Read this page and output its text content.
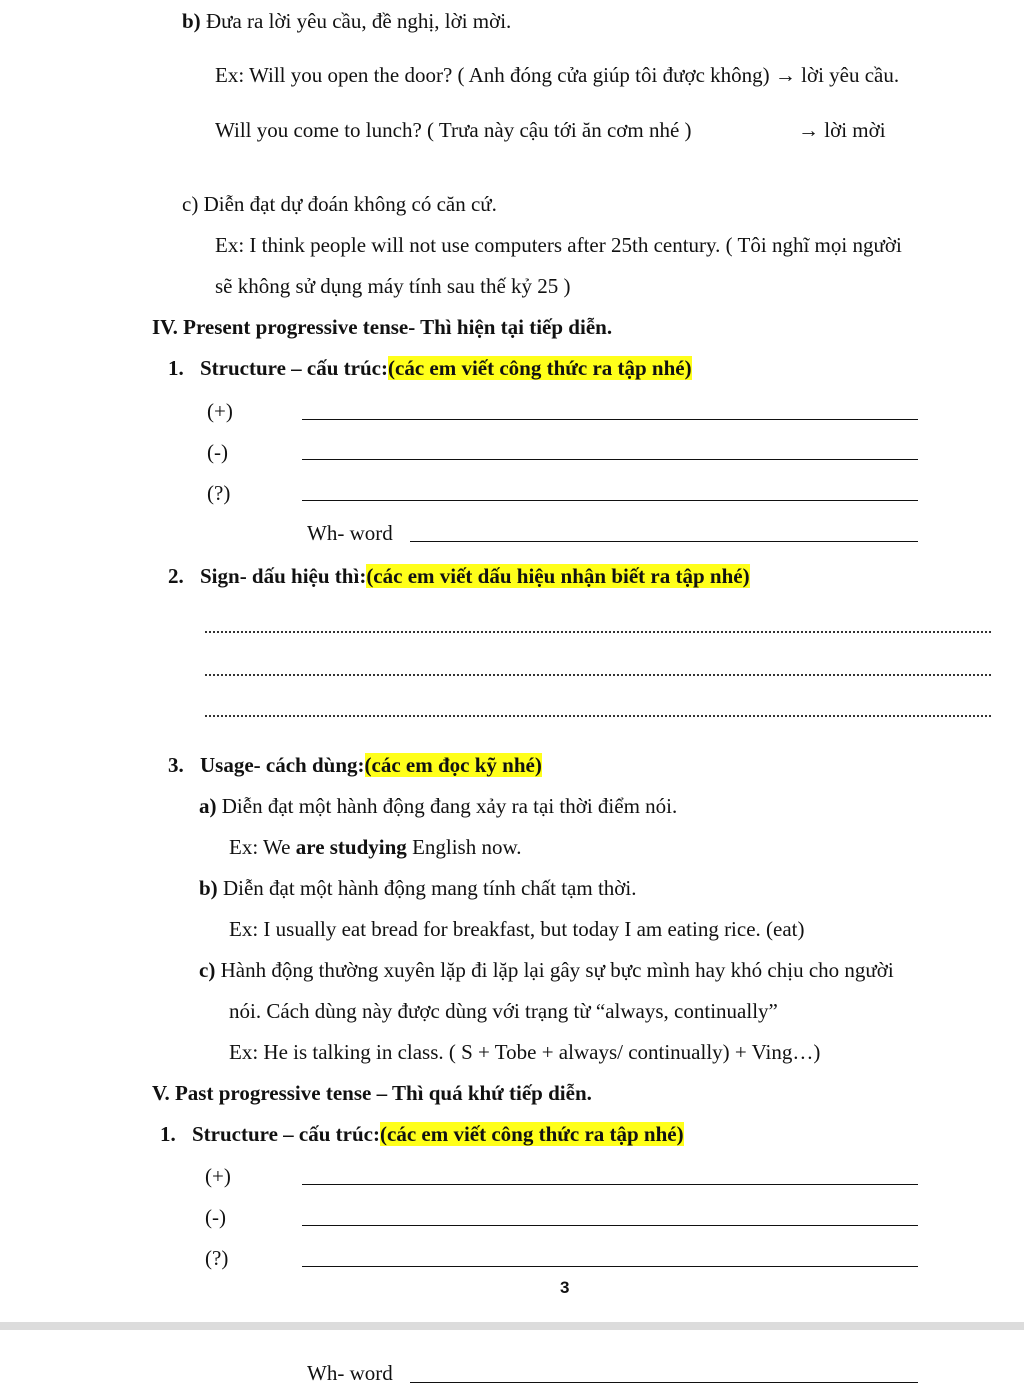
b) Đưa ra lời yêu cầu, đề nghị, lời mời.
Ex: Will you open the door? ( Anh đóng cửa giúp tôi được không) → lời yêu cầu.
Will you come to lunch? ( Trưa này cậu tới ăn cơm nhé )	→ lời mời
c) Diễn đạt dự đoán không có căn cứ.
Ex: I think people will not use computers after 25th century. ( Tôi nghĩ mọi người
sẽ không sử dụng máy tính sau thế kỷ 25 )
IV. Present progressive tense- Thì hiện tại tiếp diễn.
1. Structure – cấu trúc:(các em viết công thức ra tập nhé)
(+)
(-)
(?)
Wh- word
2. Sign- dấu hiệu thì:(các em viết dấu hiệu nhận biết ra tập nhé)
3. Usage- cách dùng:(các em đọc kỹ nhé)
a) Diễn đạt một hành động đang xảy ra tại thời điểm nói.
Ex: We are studying English now.
b) Diễn đạt một hành động mang tính chất tạm thời.
Ex: I usually eat bread for breakfast, but today I am eating rice. (eat)
c) Hành động thường xuyên lặp đi lặp lại gây sự bực mình hay khó chịu cho người
nói. Cách dùng này được dùng với trạng từ “always, continually”
Ex: He is talking in class. ( S + Tobe + always/ continually) + Ving…)
V. Past progressive tense – Thì quá khứ tiếp diễn.
1. Structure – cấu trúc:(các em viết công thức ra tập nhé)
(+)
(-)
(?)
3
Wh- word
